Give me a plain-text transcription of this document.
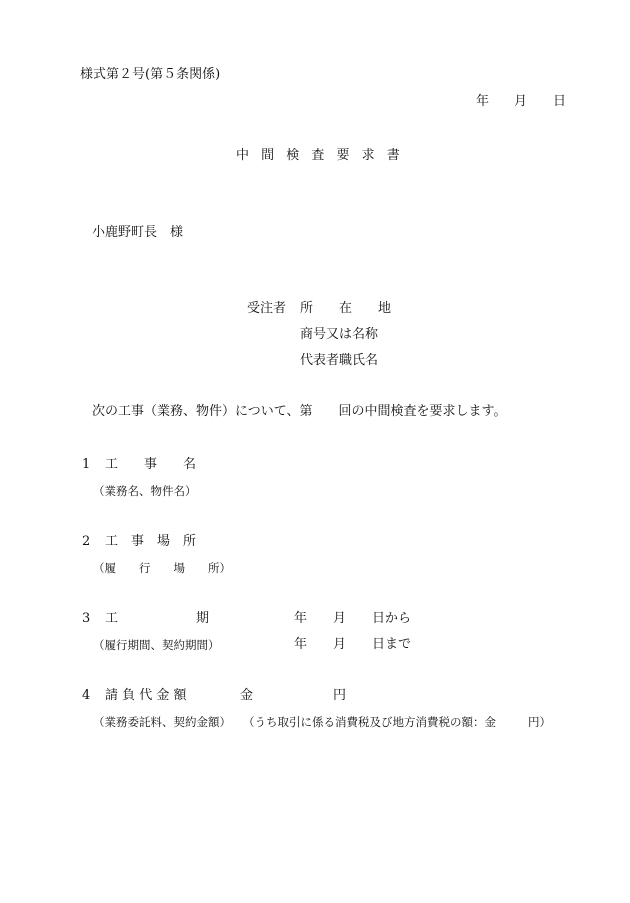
様式第２号(第５条関係)
年 月 日
中 間 検 査 要 求 書
小鹿野町長　様
受注者 所　　在　　地
商号又は名称
代表者職氏名
次の工事（業務、物件）について、第　　回の中間検査を要求します。
1 工　　事　　名
（業務名、物件名）
2 工　事　場　所
（履　　行　　場　　所）
3 工　　　　　　期	年 月 日から
（履行期間、契約期間）	年 月 日まで
4 請 負 代 金 額	金	円
（業務委託料、契約金額） （うち取引に係る消費税及び地方消費税の額：金	円）
